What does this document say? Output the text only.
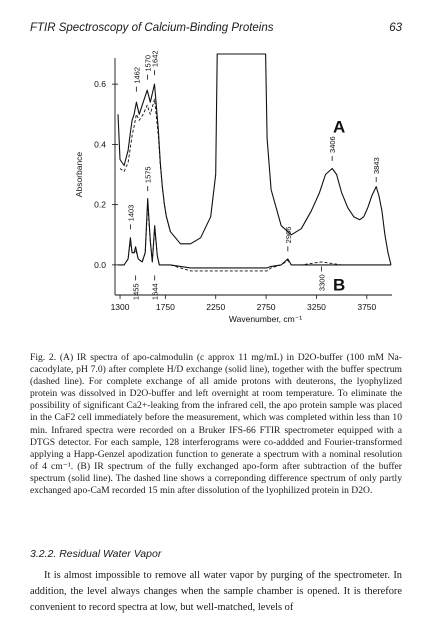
FTIR Spectroscopy of Calcium-Binding Proteins	63
0.0
0.2
0.4
0.6
1300	1750	2250	2750	3250	3750
Wavenumber, cm⁻¹
Absorbance
1462
1570
1642
1403
1575
1455 1644
2966
3300
3406
3843
A
B
Fig. 2. (A) IR spectra of apo-calmodulin (c approx 11 mg/mL) in D2O-buffer (100 mM Na-cacodylate, pH 7.0) after complete H/D exchange (solid line), together with the buffer spectrum (dashed line). For complete exchange of all amide protons with deuterons, the lyophylized protein was dissolved in D2O-buffer and left overnight at room temperature. To eliminate the possibility of significant Ca2+-leaking from the infrared cell, the apo protein sample was placed in the CaF2 cell immediately before the measurement, which was completed within less than 10 min. Infrared spectra were recorded on a Bruker IFS-66 FTIR spectrometer equipped with a DTGS detector. For each sample, 128 interferograms were co-addded and Fourier-transformed applying a Happ-Genzel apodization function to generate a spectrum with a nominal resolution of 4 cm⁻¹. (B) IR spectrum of the fully exchanged apo-form after subtraction of the buffer spectrum (solid line). The dashed line shows a correponding difference spectrum of only partly exchanged apo-CaM recorded 15 min after dissolution of the lyophilized protein in D2O.
3.2.2. Residual Water Vapor

It is almost impossible to remove all water vapor by purging of the spectrometer. In addition, the level always changes when the sample chamber is opened. It is therefore convenient to record spectra at low, but well-matched, levels of
